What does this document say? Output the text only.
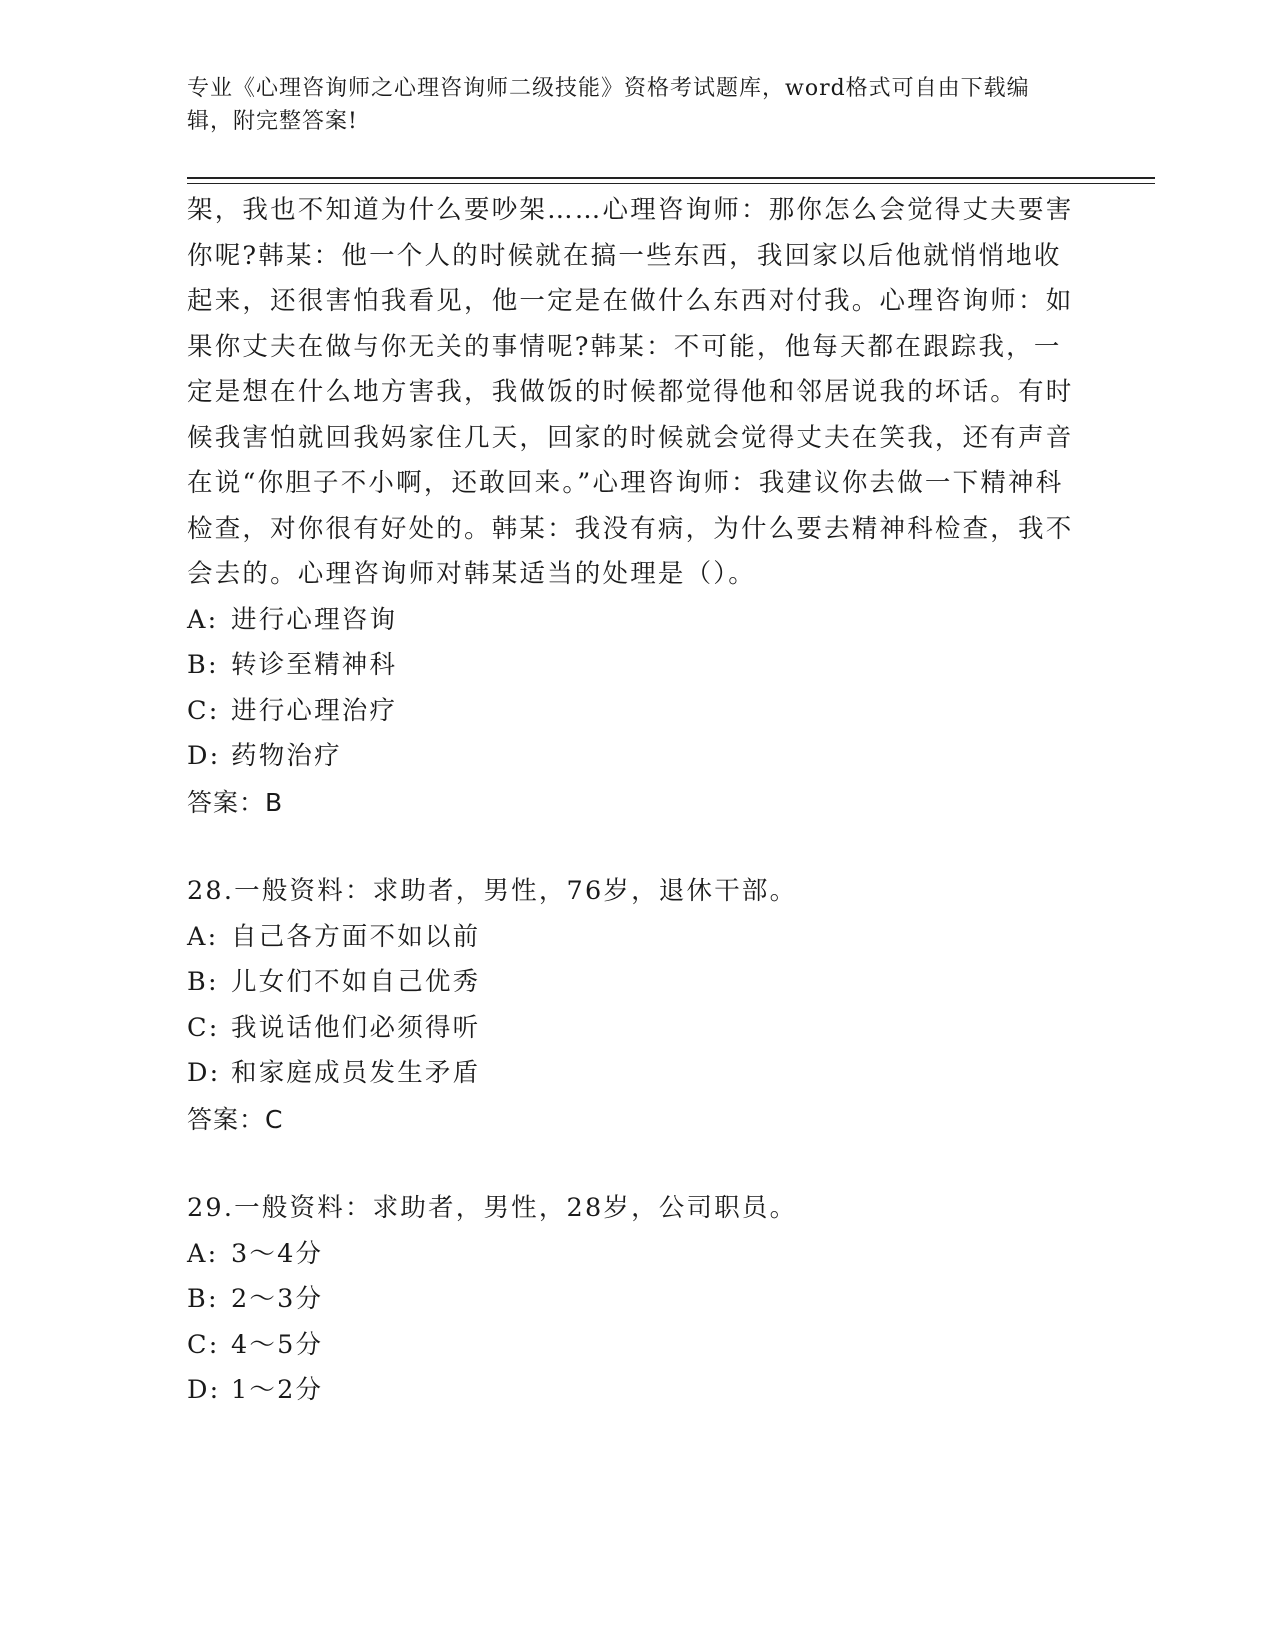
专业《心理咨询师之心理咨询师二级技能》资格考试题库，word格式可自由下载编辑，附完整答案!

架，我也不知道为什么要吵架……心理咨询师：那你怎么会觉得丈夫要害你呢?韩某：他一个人的时候就在搞一些东西，我回家以后他就悄悄地收起来，还很害怕我看见，他一定是在做什么东西对付我。心理咨询师：如果你丈夫在做与你无关的事情呢?韩某：不可能，他每天都在跟踪我，一定是想在什么地方害我，我做饭的时候都觉得他和邻居说我的坏话。有时候我害怕就回我妈家住几天，回家的时候就会觉得丈夫在笑我，还有声音在说“你胆子不小啊，还敢回来。”心理咨询师：我建议你去做一下精神科检查，对你很有好处的。韩某：我没有病，为什么要去精神科检查，我不会去的。心理咨询师对韩某适当的处理是（）。

A: 进行心理咨询
B: 转诊至精神科
C: 进行心理治疗
D: 药物治疗
答案：B
28.一般资料：求助者，男性，76岁，退休干部。
A: 自己各方面不如以前
B: 儿女们不如自己优秀
C: 我说话他们必须得听
D: 和家庭成员发生矛盾
答案：C
29.一般资料：求助者，男性，28岁，公司职员。
A: 3～4分
B: 2～3分
C: 4～5分
D: 1～2分
